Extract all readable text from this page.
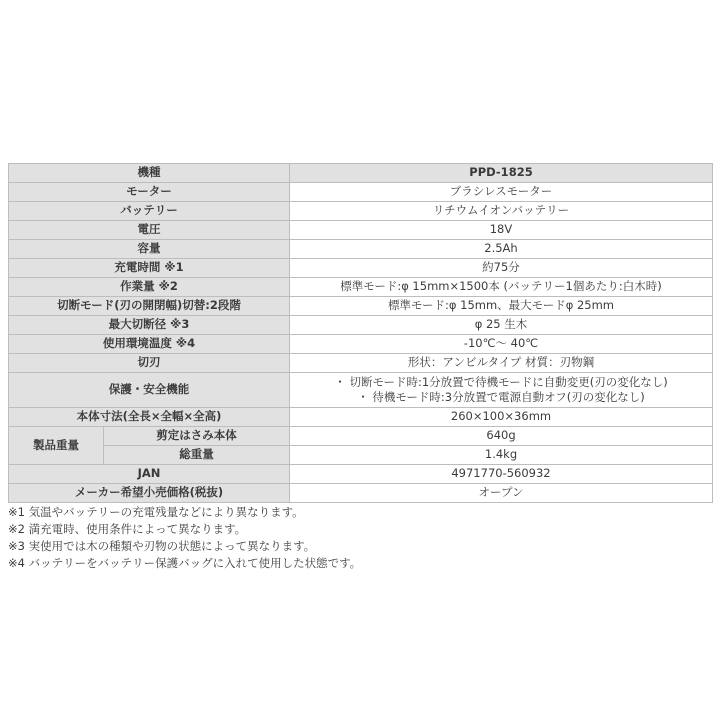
機種		PPD-1825
モーター		ブラシレスモーター
バッテリー		リチウムイオンバッテリー
電圧		18V
容量		2.5Ah
充電時間 ※1		約75分
作業量 ※2		標準モード:φ 15mm×1500本 (バッテリー1個あたり:白木時)
切断モード(刃の開閉幅)切替:2段階		標準モード:φ 15mm、最大モードφ 25mm
最大切断径 ※3		φ 25 生木
使用環境温度 ※4		-10℃～ 40℃
切刃		形状：アンビルタイプ 材質：刃物鋼
保護・安全機能		・ 切断モード時:1分放置で待機モードに自動変更(刃の変化なし)
・ 待機モード時:3分放置で電源自動オフ(刃の変化なし)

本体寸法(全長×全幅×全高)		260×100×36mm
製品重量	剪定はさみ本体	640g
	総重量	1.4kg
JAN		4971770-560932
メーカー希望小売価格(税抜)		オープン
※1 気温やバッテリーの充電残量などにより異なります。
※2 満充電時、使用条件によって異なります。
※3 実使用では木の種類や刃物の状態によって異なります。
※4 バッテリーをバッテリー保護バッグに入れて使用した状態です。
